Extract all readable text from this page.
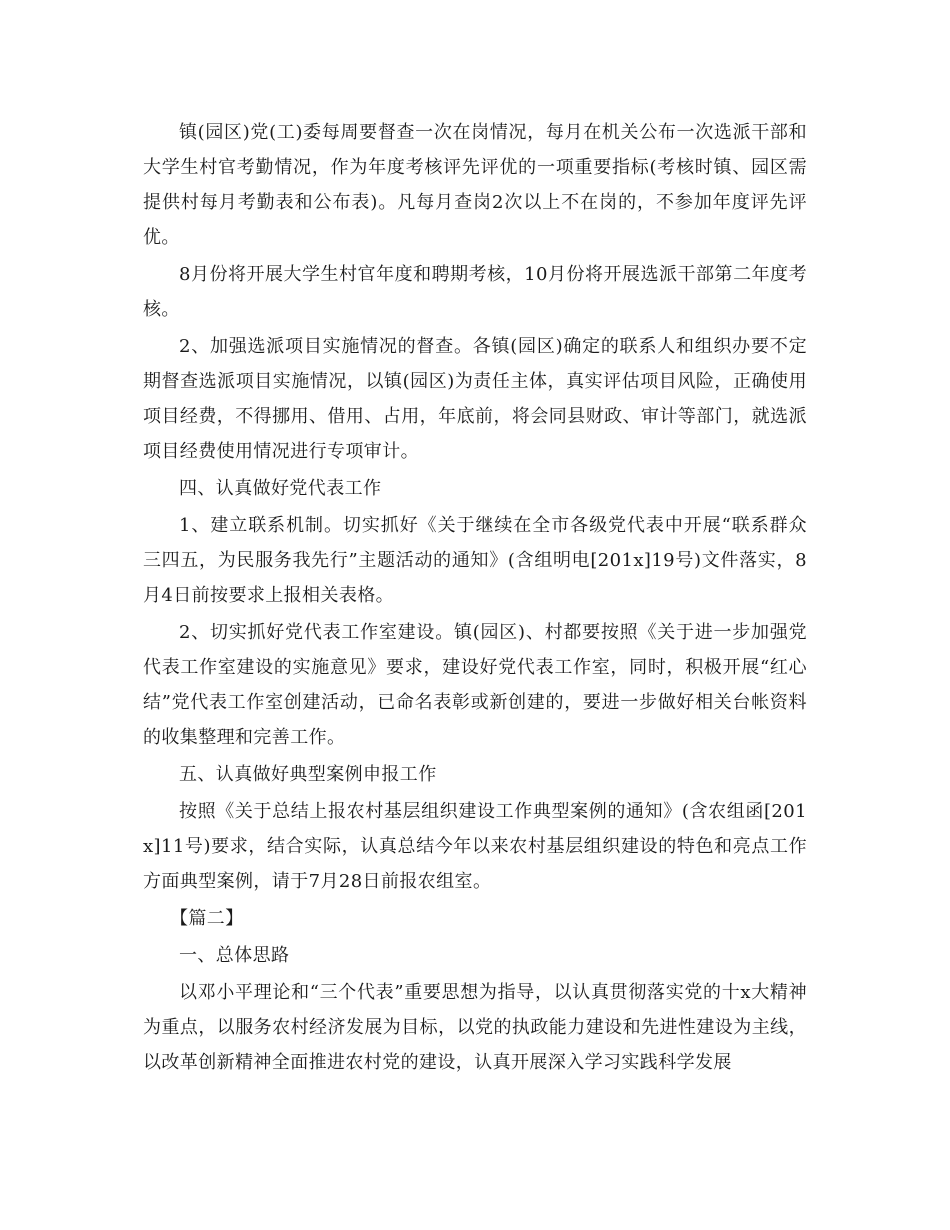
镇(园区)党(工)委每周要督查一次在岗情况，每月在机关公布一次选派干部和大学生村官考勤情况，作为年度考核评先评优的一项重要指标(考核时镇、园区需提供村每月考勤表和公布表)。凡每月查岗2次以上不在岗的，不参加年度评先评优。

8月份将开展大学生村官年度和聘期考核，10月份将开展选派干部第二年度考核。

2、加强选派项目实施情况的督查。各镇(园区)确定的联系人和组织办要不定期督查选派项目实施情况，以镇(园区)为责任主体，真实评估项目风险，正确使用项目经费，不得挪用、借用、占用，年底前，将会同县财政、审计等部门，就选派项目经费使用情况进行专项审计。

四、认真做好党代表工作

1、建立联系机制。切实抓好《关于继续在全市各级党代表中开展“联系群众三四五，为民服务我先行”主题活动的通知》(含组明电[201x]19号)文件落实，8月4日前按要求上报相关表格。

2、切实抓好党代表工作室建设。镇(园区)、村都要按照《关于进一步加强党代表工作室建设的实施意见》要求，建设好党代表工作室，同时，积极开展“红心结”党代表工作室创建活动，已命名表彰或新创建的，要进一步做好相关台帐资料的收集整理和完善工作。

五、认真做好典型案例申报工作

按照《关于总结上报农村基层组织建设工作典型案例的通知》(含农组函[201x]11号)要求，结合实际，认真总结今年以来农村基层组织建设的特色和亮点工作方面典型案例，请于7月28日前报农组室。

【篇二】

一、总体思路

以邓小平理论和“三个代表”重要思想为指导，以认真贯彻落实党的十x大精神为重点，以服务农村经济发展为目标，以党的执政能力建设和先进性建设为主线，以改革创新精神全面推进农村党的建设，认真开展深入学习实践科学发展
